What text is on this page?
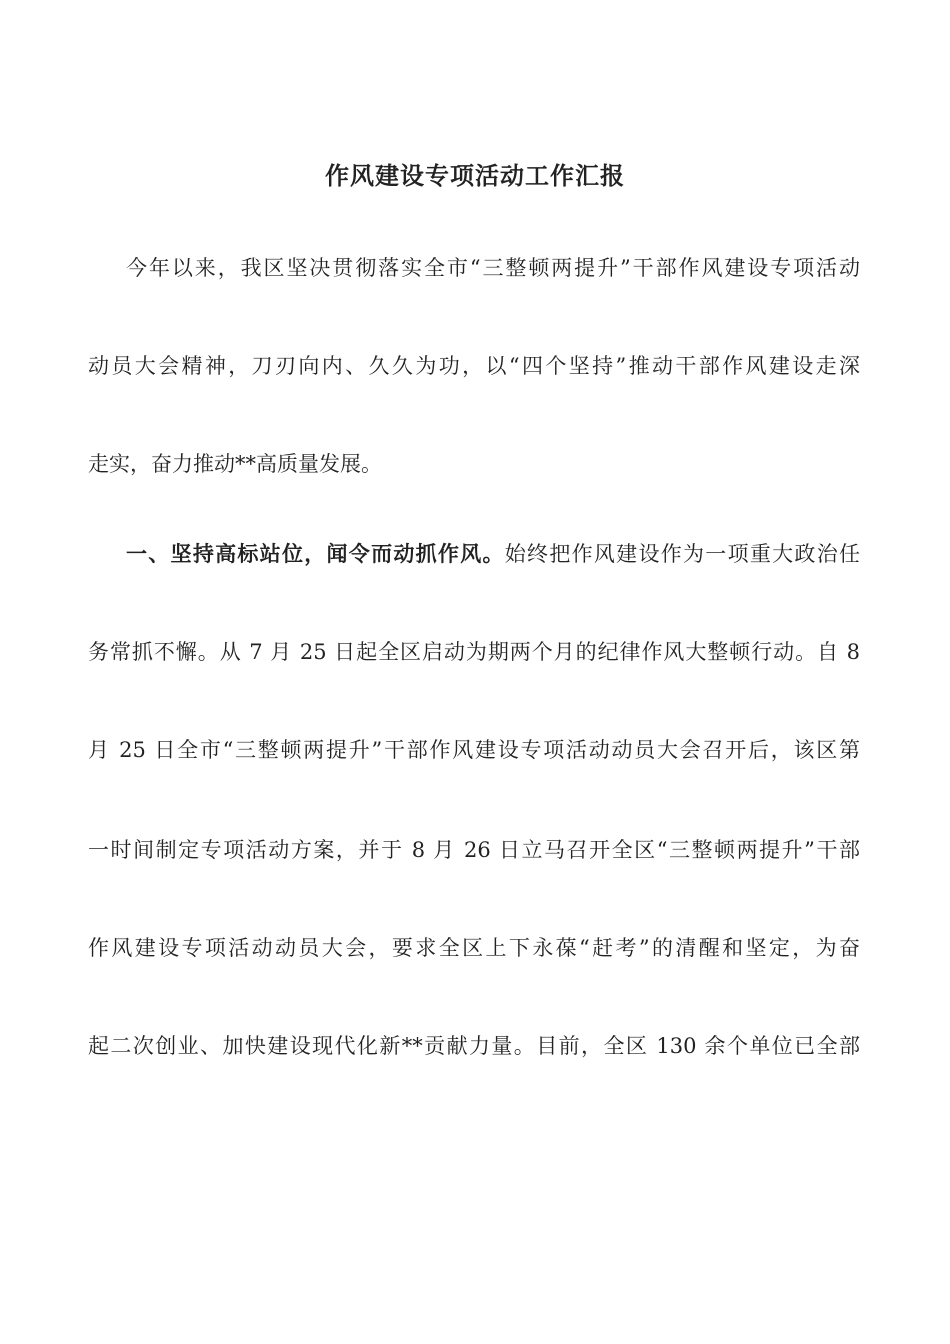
作风建设专项活动工作汇报

今年以来，我区坚决贯彻落实全市“三整顿两提升”干部作风建设专项活动

动员大会精神，刀刃向内、久久为功，以“四个坚持”推动干部作风建设走深

走实，奋力推动**高质量发展。

一、坚持高标站位，闻令而动抓作风。始终把作风建设作为一项重大政治任

务常抓不懈。从 7 月 25 日起全区启动为期两个月的纪律作风大整顿行动。自 8

月 25 日全市“三整顿两提升”干部作风建设专项活动动员大会召开后，该区第

一时间制定专项活动方案，并于 8 月 26 日立马召开全区“三整顿两提升”干部

作风建设专项活动动员大会，要求全区上下永葆“赶考”的清醒和坚定，为奋

起二次创业、加快建设现代化新**贡献力量。目前，全区 130 余个单位已全部
